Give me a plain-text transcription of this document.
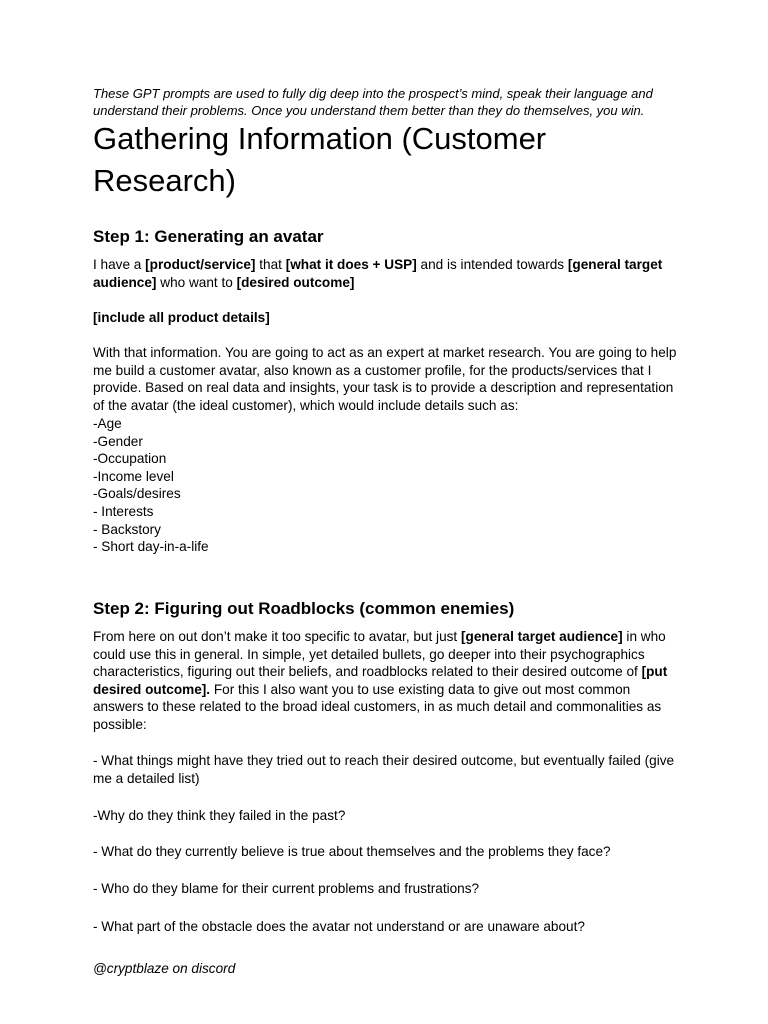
These GPT prompts are used to fully dig deep into the prospect’s mind, speak their language and understand their problems. Once you understand them better than they do themselves, you win.

Gathering Information (Customer Research)
Step 1: Generating an avatar

I have a [product/service] that [what it does + USP] and is intended towards [general target audience] who want to [desired outcome]

[include all product details]

With that information. You are going to act as an expert at market research. You are going to help me build a customer avatar, also known as a customer profile, for the products/services that I provide. Based on real data and insights, your task is to provide a description and representation of the avatar (the ideal customer), which would include details such as:

-Age
-Gender
-Occupation
-Income level
-Goals/desires
- Interests
- Backstory
- Short day-in-a-life
Step 2: Figuring out Roadblocks (common enemies)

From here on out don’t make it too specific to avatar, but just [general target audience] in who could use this in general. In simple, yet detailed bullets, go deeper into their psychographics characteristics, figuring out their beliefs, and roadblocks related to their desired outcome of [put desired outcome]. For this I also want you to use existing data to give out most common answers to these related to the broad ideal customers, in as much detail and commonalities as possible:

- What things might have they tried out to reach their desired outcome, but eventually failed (give me a detailed list)

-Why do they think they failed in the past?

- What do they currently believe is true about themselves and the problems they face?

- Who do they blame for their current problems and frustrations?

- What part of the obstacle does the avatar not understand or are unaware about?

@cryptblaze on discord
